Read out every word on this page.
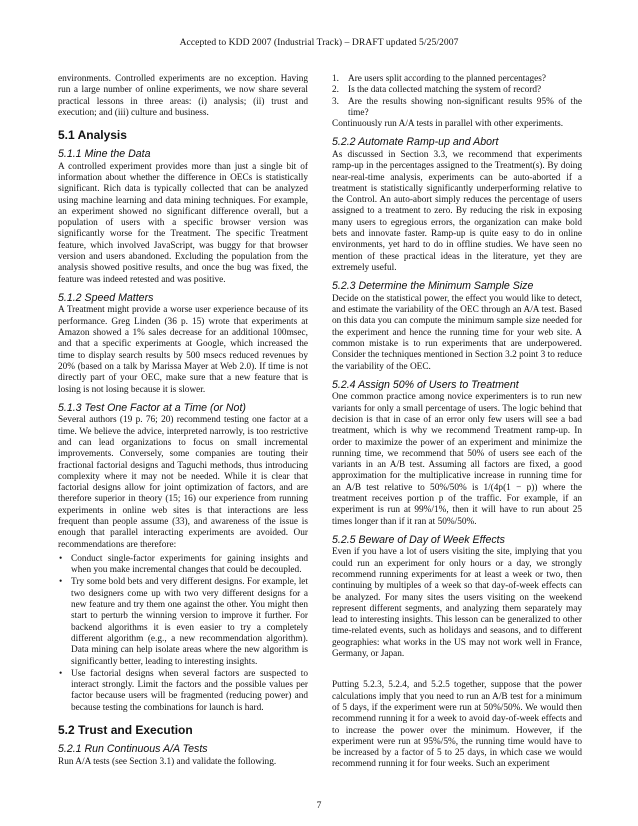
Accepted to KDD 2007 (Industrial Track) – DRAFT updated 5/25/2007

environments. Controlled experiments are no exception. Having run a large number of online experiments, we now share several practical lessons in three areas: (i) analysis; (ii) trust and execution; and (iii) culture and business.

5.1 Analysis
5.1.1 Mine the Data

A controlled experiment provides more than just a single bit of information about whether the difference in OECs is statistically significant. Rich data is typically collected that can be analyzed using machine learning and data mining techniques. For example, an experiment showed no significant difference overall, but a population of users with a specific browser version was significantly worse for the Treatment. The specific Treatment feature, which involved JavaScript, was buggy for that browser version and users abandoned. Excluding the population from the analysis showed positive results, and once the bug was fixed, the feature was indeed retested and was positive.

5.1.2 Speed Matters

A Treatment might provide a worse user experience because of its performance. Greg Linden (36 p. 15) wrote that experiments at Amazon showed a 1% sales decrease for an additional 100msec, and that a specific experiments at Google, which increased the time to display search results by 500 msecs reduced revenues by 20% (based on a talk by Marissa Mayer at Web 2.0). If time is not directly part of your OEC, make sure that a new feature that is losing is not losing because it is slower.

5.1.3 Test One Factor at a Time (or Not)

Several authors (19 p. 76; 20) recommend testing one factor at a time. We believe the advice, interpreted narrowly, is too restrictive and can lead organizations to focus on small incremental improvements. Conversely, some companies are touting their fractional factorial designs and Taguchi methods, thus introducing complexity where it may not be needed. While it is clear that factorial designs allow for joint optimization of factors, and are therefore superior in theory (15; 16) our experience from running experiments in online web sites is that interactions are less frequent than people assume (33), and awareness of the issue is enough that parallel interacting experiments are avoided. Our recommendations are therefore:

• Conduct single-factor experiments for gaining insights and when you make incremental changes that could be decoupled.
• Try some bold bets and very different designs. For example, let two designers come up with two very different designs for a new feature and try them one against the other. You might then start to perturb the winning version to improve it further. For backend algorithms it is even easier to try a completely different algorithm (e.g., a new recommendation algorithm). Data mining can help isolate areas where the new algorithm is significantly better, leading to interesting insights.
• Use factorial designs when several factors are suspected to interact strongly. Limit the factors and the possible values per factor because users will be fragmented (reducing power) and because testing the combinations for launch is hard.
5.2 Trust and Execution
5.2.1 Run Continuous A/A Tests

Run A/A tests (see Section 3.1) and validate the following.

1. Are users split according to the planned percentages?
2. Is the data collected matching the system of record?
3. Are the results showing non-significant results 95% of the time?

Continuously run A/A tests in parallel with other experiments.

5.2.2 Automate Ramp-up and Abort

As discussed in Section 3.3, we recommend that experiments ramp-up in the percentages assigned to the Treatment(s). By doing near-real-time analysis, experiments can be auto-aborted if a treatment is statistically significantly underperforming relative to the Control. An auto-abort simply reduces the percentage of users assigned to a treatment to zero. By reducing the risk in exposing many users to egregious errors, the organization can make bold bets and innovate faster. Ramp-up is quite easy to do in online environments, yet hard to do in offline studies. We have seen no mention of these practical ideas in the literature, yet they are extremely useful.

5.2.3 Determine the Minimum Sample Size

Decide on the statistical power, the effect you would like to detect, and estimate the variability of the OEC through an A/A test. Based on this data you can compute the minimum sample size needed for the experiment and hence the running time for your web site. A common mistake is to run experiments that are underpowered. Consider the techniques mentioned in Section 3.2 point 3 to reduce the variability of the OEC.

5.2.4 Assign 50% of Users to Treatment

One common practice among novice experimenters is to run new variants for only a small percentage of users. The logic behind that decision is that in case of an error only few users will see a bad treatment, which is why we recommend Treatment ramp-up. In order to maximize the power of an experiment and minimize the running time, we recommend that 50% of users see each of the variants in an A/B test. Assuming all factors are fixed, a good approximation for the multiplicative increase in running time for an A/B test relative to 50%/50% is 1/(4p(1 − p)) where the treatment receives portion p of the traffic. For example, if an experiment is run at 99%/1%, then it will have to run about 25 times longer than if it ran at 50%/50%.

5.2.5 Beware of Day of Week Effects

Even if you have a lot of users visiting the site, implying that you could run an experiment for only hours or a day, we strongly recommend running experiments for at least a week or two, then continuing by multiples of a week so that day-of-week effects can be analyzed. For many sites the users visiting on the weekend represent different segments, and analyzing them separately may lead to interesting insights. This lesson can be generalized to other time-related events, such as holidays and seasons, and to different geographies: what works in the US may not work well in France, Germany, or Japan.

Putting 5.2.3, 5.2.4, and 5.2.5 together, suppose that the power calculations imply that you need to run an A/B test for a minimum of 5 days, if the experiment were run at 50%/50%. We would then recommend running it for a week to avoid day-of-week effects and to increase the power over the minimum. However, if the experiment were run at 95%/5%, the running time would have to be increased by a factor of 5 to 25 days, in which case we would recommend running it for four weeks. Such an experiment

7
